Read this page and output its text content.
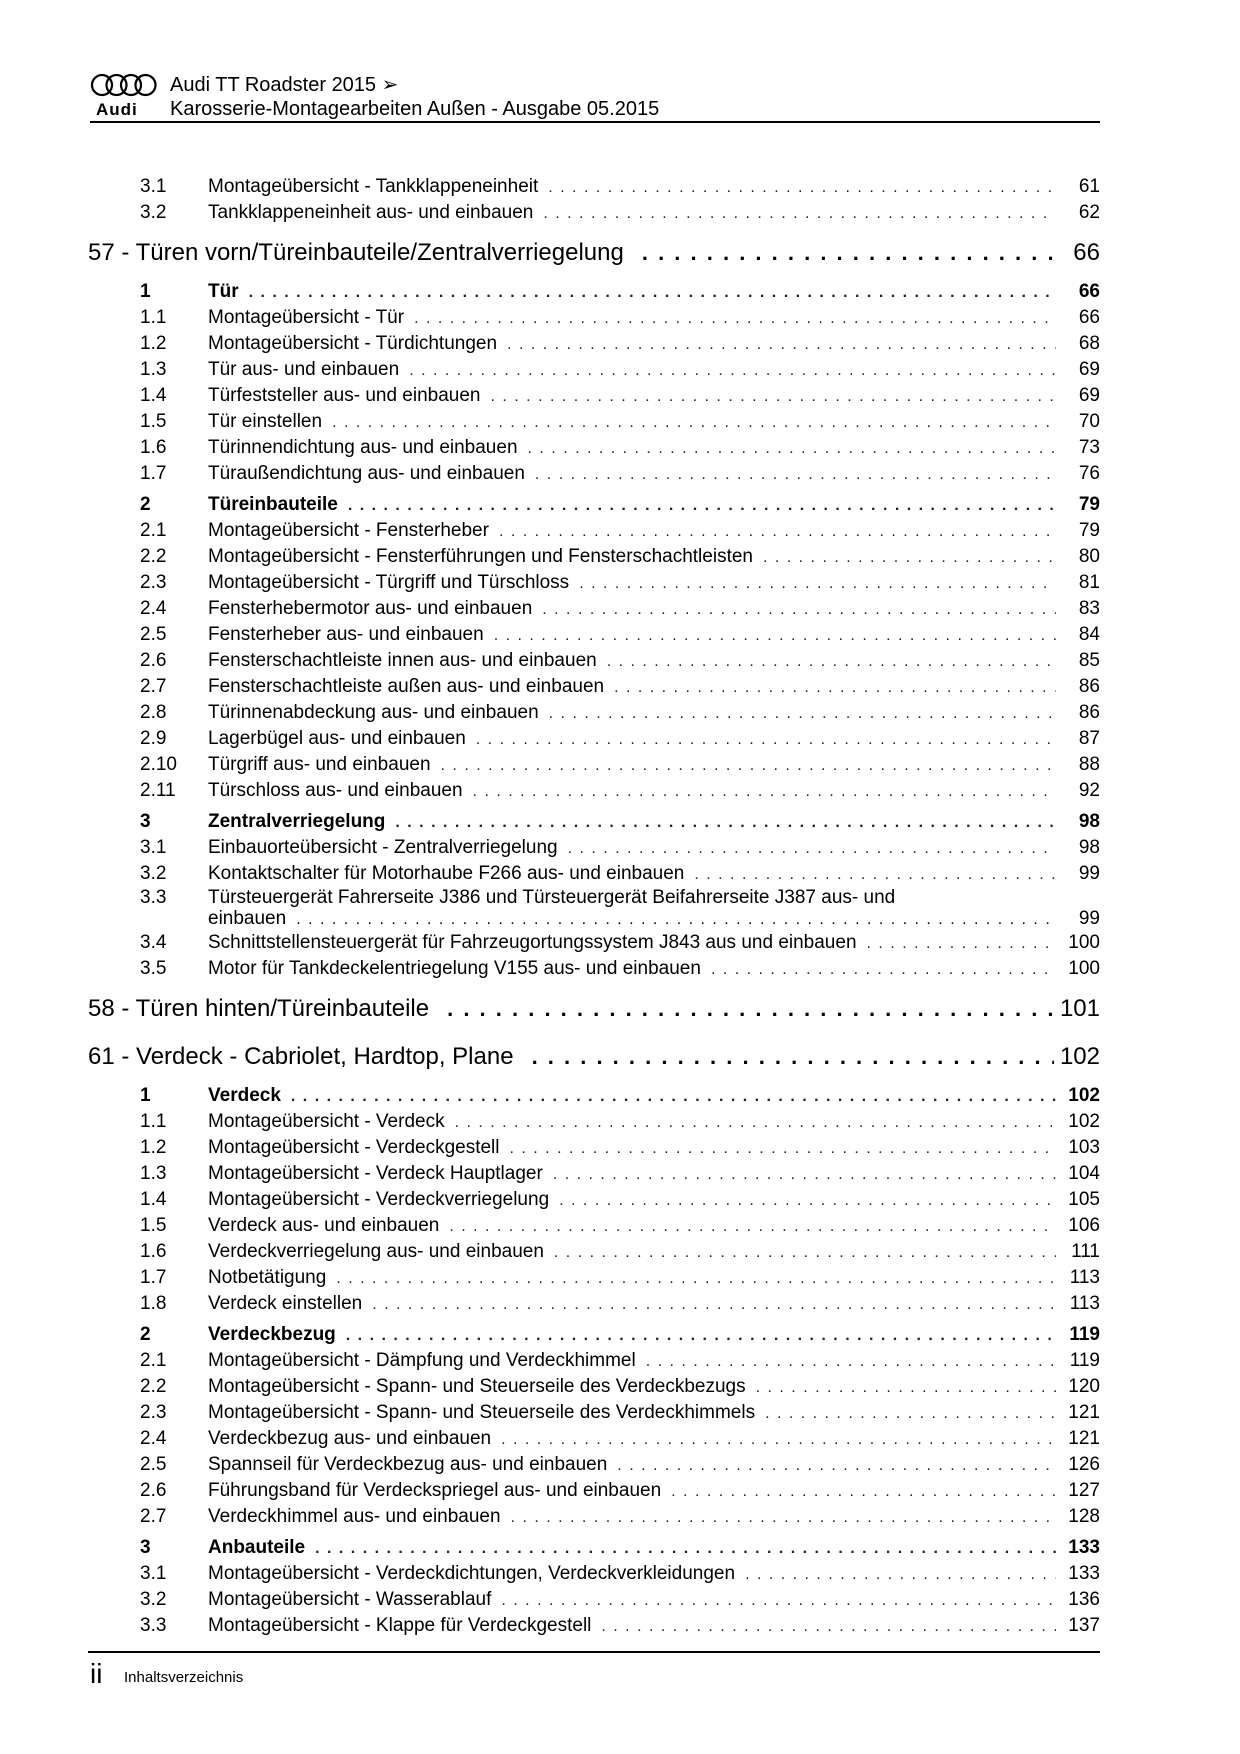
Audi
Audi TT Roadster 2015 ➢
Karosserie-Montagearbeiten Außen - Ausgabe 05.2015
3.1	Montageübersicht - Tankklappeneinheit . . .	61
3.2	Tankklappeneinheit aus- und einbauen . . .	62
57 - Türen vorn/Türeinbauteile/Zentralverriegelung . . .	66
1	Tür . . .	66
1.1	Montageübersicht - Tür . . .	66
1.2	Montageübersicht - Türdichtungen . . .	68
1.3	Tür aus- und einbauen . . .	69
1.4	Türfeststeller aus- und einbauen . . .	69
1.5	Tür einstellen . . .	70
1.6	Türinnendichtung aus- und einbauen . . .	73
1.7	Türaußendichtung aus- und einbauen . . .	76
2	Türeinbauteile . . .	79
2.1	Montageübersicht - Fensterheber . . .	79
2.2	Montageübersicht - Fensterführungen und Fensterschachtleisten . . .	80
2.3	Montageübersicht - Türgriff und Türschloss . . .	81
2.4	Fensterhebermotor aus- und einbauen . . .	83
2.5	Fensterheber aus- und einbauen . . .	84
2.6	Fensterschachtleiste innen aus- und einbauen . . .	85
2.7	Fensterschachtleiste außen aus- und einbauen . . .	86
2.8	Türinnenabdeckung aus- und einbauen . . .	86
2.9	Lagerbügel aus- und einbauen . . .	87
2.10	Türgriff aus- und einbauen . . .	88
2.11	Türschloss aus- und einbauen . . .	92
3	Zentralverriegelung . . .	98
3.1	Einbauorteübersicht - Zentralverriegelung . . .	98
3.2	Kontaktschalter für Motorhaube F266 aus- und einbauen . . .	99
3.3	Türsteuergerät Fahrerseite J386 und Türsteuergerät Beifahrerseite J387 aus- und
einbauen . . .	99
3.4	Schnittstellensteuergerät für Fahrzeugortungssystem J843 aus und einbauen . . .	100
3.5	Motor für Tankdeckelentriegelung V155 aus- und einbauen . . .	100
58 - Türen hinten/Türeinbauteile . . .	101
61 - Verdeck - Cabriolet, Hardtop, Plane . . .	102
1	Verdeck . . .	102
1.1	Montageübersicht - Verdeck . . .	102
1.2	Montageübersicht - Verdeckgestell . . .	103
1.3	Montageübersicht - Verdeck Hauptlager . . .	104
1.4	Montageübersicht - Verdeckverriegelung . . .	105
1.5	Verdeck aus- und einbauen . . .	106
1.6	Verdeckverriegelung aus- und einbauen . . .	111
1.7	Notbetätigung . . .	113
1.8	Verdeck einstellen . . .	113
2	Verdeckbezug . . .	119
2.1	Montageübersicht - Dämpfung und Verdeckhimmel . . .	119
2.2	Montageübersicht - Spann- und Steuerseile des Verdeckbezugs . . .	120
2.3	Montageübersicht - Spann- und Steuerseile des Verdeckhimmels . . .	121
2.4	Verdeckbezug aus- und einbauen . . .	121
2.5	Spannseil für Verdeckbezug aus- und einbauen . . .	126
2.6	Führungsband für Verdeckspriegel aus- und einbauen . . .	127
2.7	Verdeckhimmel aus- und einbauen . . .	128
3	Anbauteile . . .	133
3.1	Montageübersicht - Verdeckdichtungen, Verdeckverkleidungen . . .	133
3.2	Montageübersicht - Wasserablauf . . .	136
3.3	Montageübersicht - Klappe für Verdeckgestell . . .	137
ii Inhaltsverzeichnis
